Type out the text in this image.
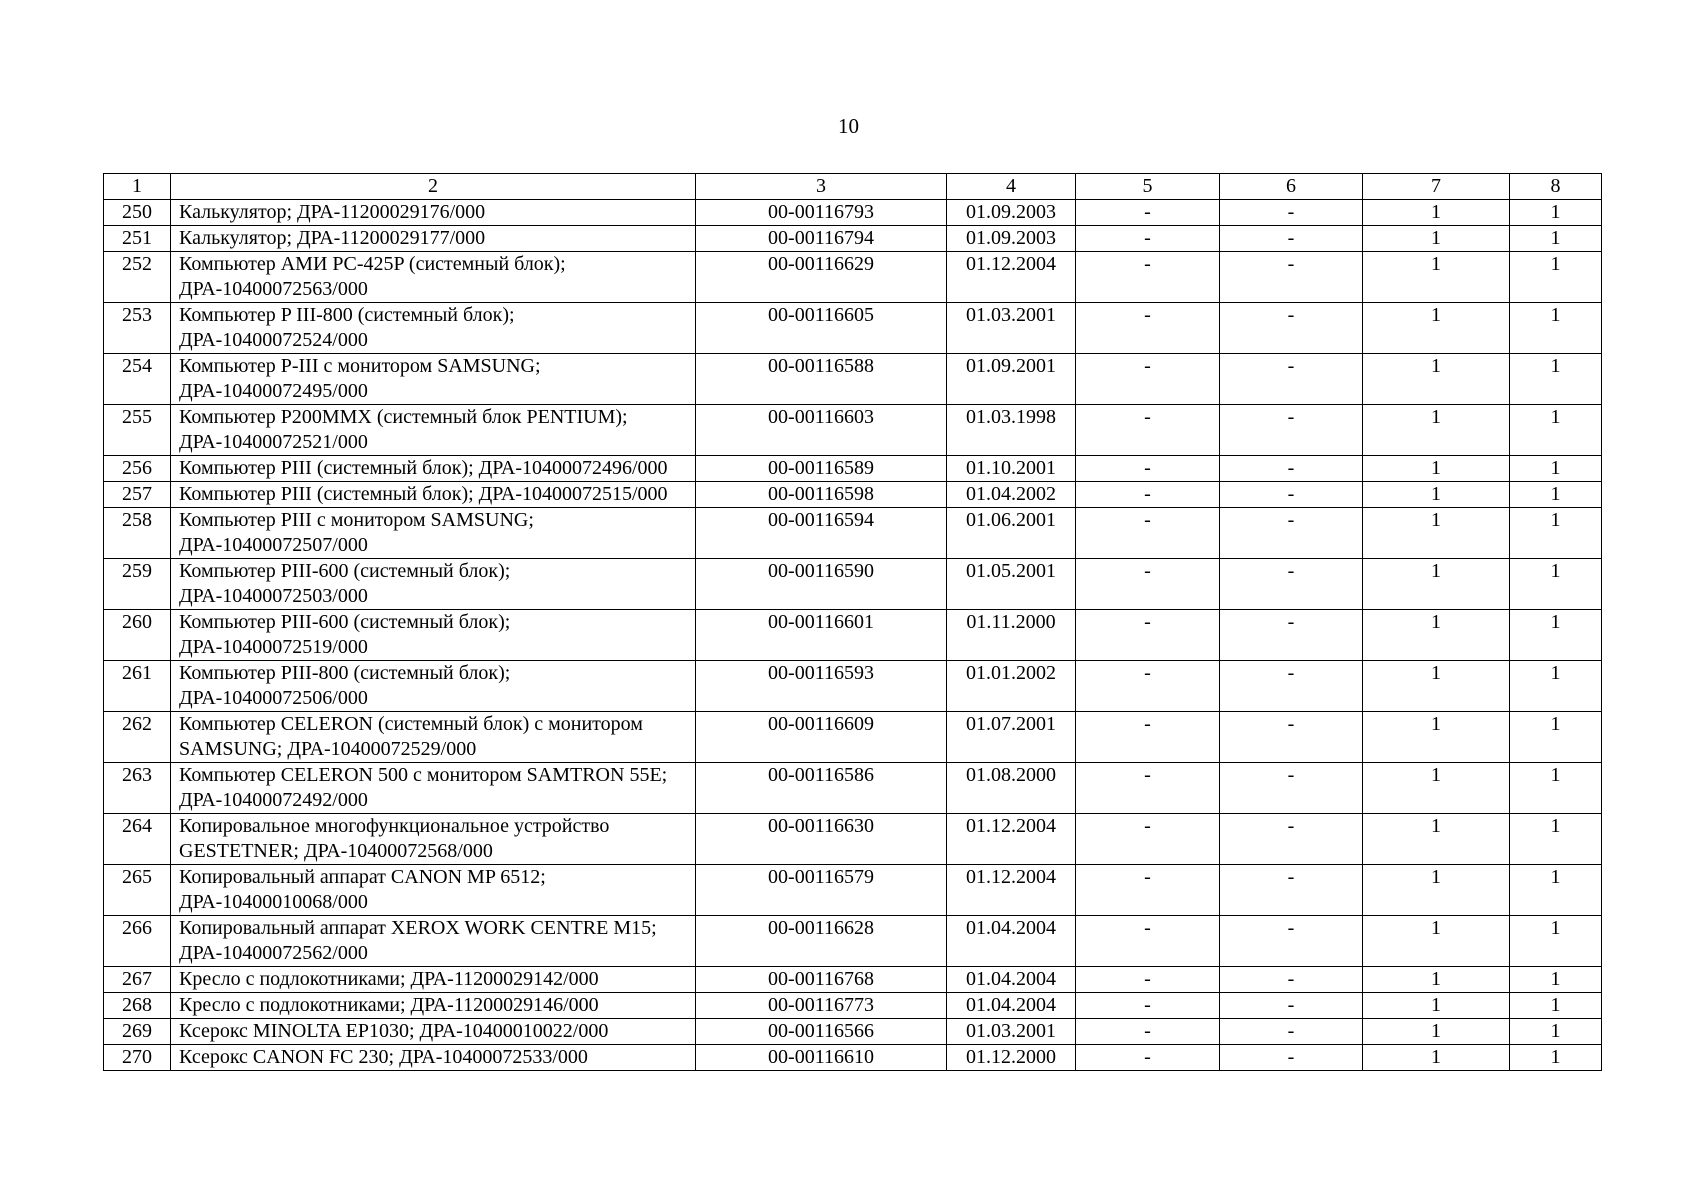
10
1	2	3	4	5	6	7	8
250	Калькулятор; ДРА-11200029176/000	00-00116793	01.09.2003	-	-	1	1
251	Калькулятор; ДРА-11200029177/000	00-00116794	01.09.2003	-	-	1	1
252	Компьютер АМИ PC-425P (системный блок); ДРА-10400072563/000	00-00116629	01.12.2004	-	-	1	1
253	Компьютер P III-800 (системный блок); ДРА-10400072524/000	00-00116605	01.03.2001	-	-	1	1
254	Компьютер P-III с монитором SAMSUNG; ДРА-10400072495/000	00-00116588	01.09.2001	-	-	1	1
255	Компьютер P200MMX (системный блок PENTIUM); ДРА-10400072521/000	00-00116603	01.03.1998	-	-	1	1
256	Компьютер PIII (системный блок); ДРА-10400072496/000	00-00116589	01.10.2001	-	-	1	1
257	Компьютер PIII (системный блок); ДРА-10400072515/000	00-00116598	01.04.2002	-	-	1	1
258	Компьютер PIII с монитором SAMSUNG; ДРА-10400072507/000	00-00116594	01.06.2001	-	-	1	1
259	Компьютер PIII-600 (системный блок); ДРА-10400072503/000	00-00116590	01.05.2001	-	-	1	1
260	Компьютер PIII-600 (системный блок); ДРА-10400072519/000	00-00116601	01.11.2000	-	-	1	1
261	Компьютер PIII-800 (системный блок); ДРА-10400072506/000	00-00116593	01.01.2002	-	-	1	1
262	Компьютер CELERON (системный блок) с монитором SAMSUNG; ДРА-10400072529/000	00-00116609	01.07.2001	-	-	1	1
263	Компьютер CELERON 500 с монитором SAMTRON 55E; ДРА-10400072492/000	00-00116586	01.08.2000	-	-	1	1
264	Копировальное многофункциональное устройство GESTETNER; ДРА-10400072568/000	00-00116630	01.12.2004	-	-	1	1
265	Копировальный аппарат CANON MP 6512; ДРА-10400010068/000	00-00116579	01.12.2004	-	-	1	1
266	Копировальный аппарат XEROX WORK CENTRE M15; ДРА-10400072562/000	00-00116628	01.04.2004	-	-	1	1
267	Кресло с подлокотниками; ДРА-11200029142/000	00-00116768	01.04.2004	-	-	1	1
268	Кресло с подлокотниками; ДРА-11200029146/000	00-00116773	01.04.2004	-	-	1	1
269	Ксерокс MINOLTA EP1030; ДРА-10400010022/000	00-00116566	01.03.2001	-	-	1	1
270	Ксерокс CANON FC 230; ДРА-10400072533/000	00-00116610	01.12.2000	-	-	1	1
